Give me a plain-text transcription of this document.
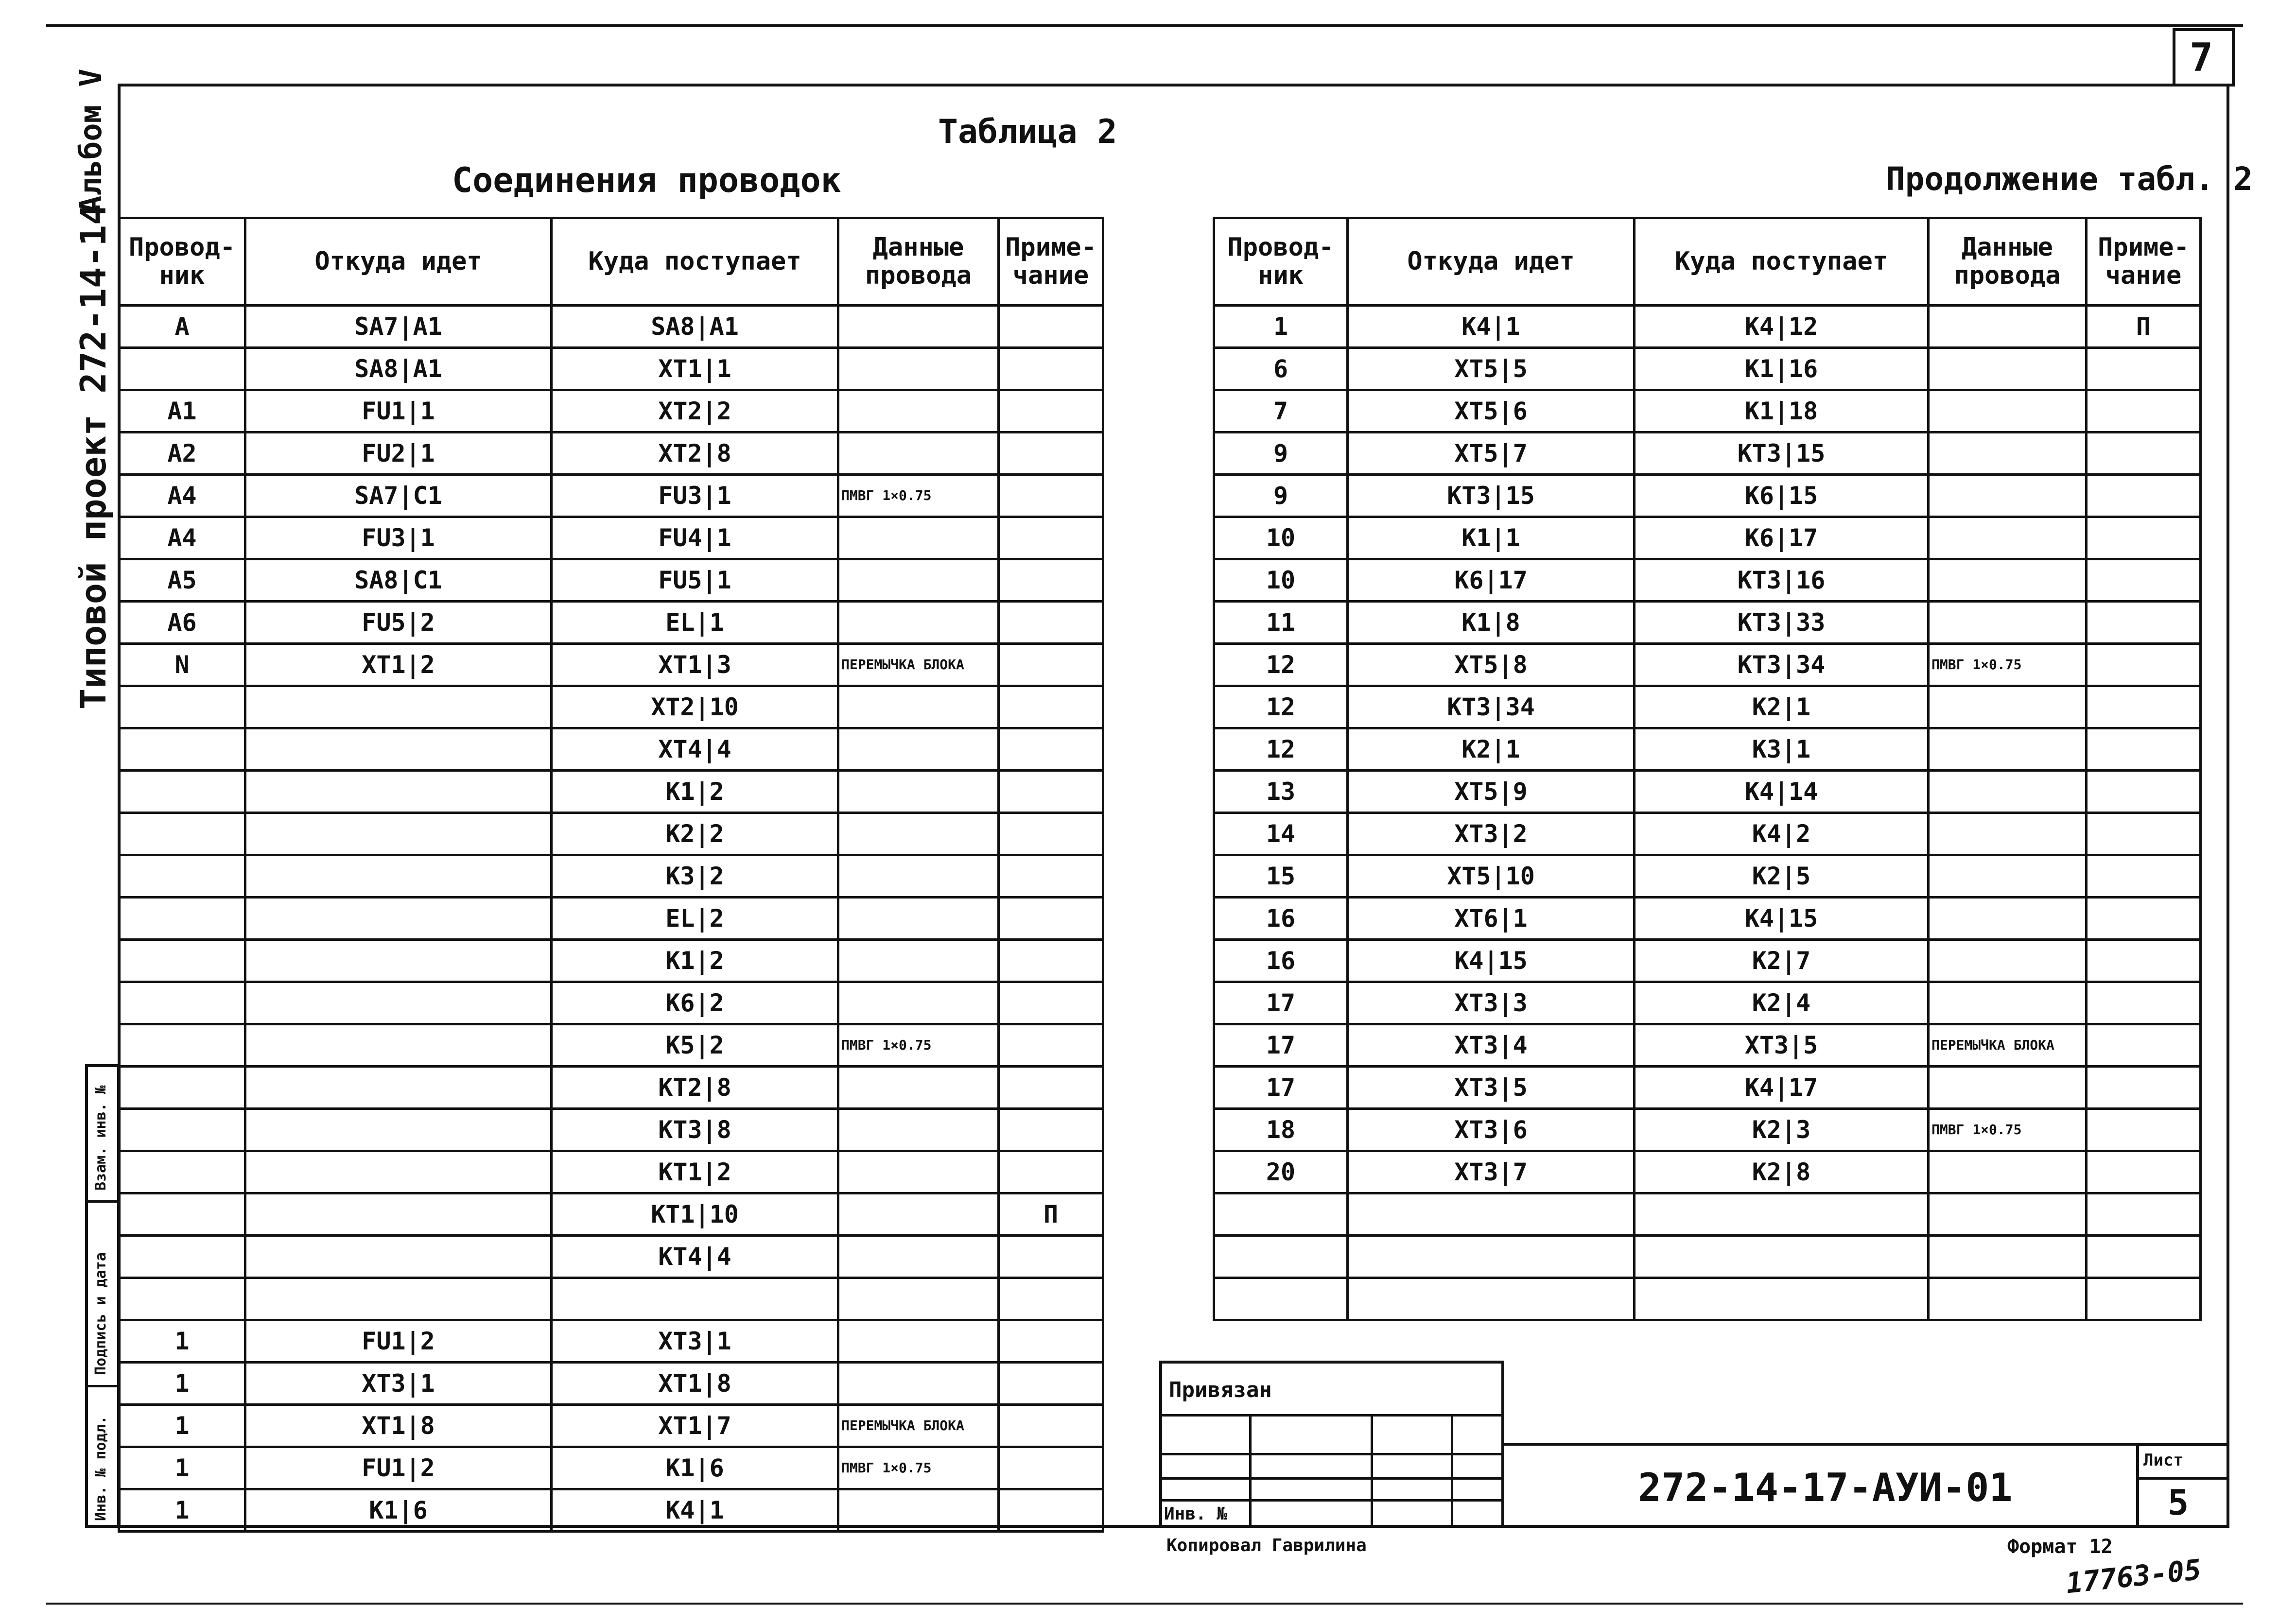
7
Альбом V
Типовой проект 272-14-14
Инв. № подл.
Подпись и дата
Взам. инв. №
Таблица 2
Соединения проводок	Продолжение табл. 2
Провод-ник	Откуда идет	Куда поступает	Данные провода	Приме-чание
А	SA7|A1	SA8|A1		
	SA8|A1	XT1|1		
А1	FU1|1	XT2|2		
А2	FU2|1	XT2|8		
А4	SA7|C1	FU3|1	ПМВГ 1×0.75	
А4	FU3|1	FU4|1		
А5	SA8|C1	FU5|1		
А6	FU5|2	EL|1		
N	XT1|2	XT1|3	ПЕРЕМЫЧКА БЛОКА	
		XT2|10		
		XT4|4		
		K1|2		
		K2|2		
		K3|2		
		EL|2		
		K1|2		
		K6|2		
		K5|2	ПМВГ 1×0.75	
		KT2|8		
		KT3|8		
		KT1|2		
		KT1|10		П
		KT4|4		

1	FU1|2	XT3|1		
1	XT3|1	XT1|8		
1	XT1|8	XT1|7	ПЕРЕМЫЧКА БЛОКА	
1	FU1|2	K1|6	ПМВГ 1×0.75	
1	K1|6	K4|1		
Провод-ник	Откуда идет	Куда поступает	Данные провода	Приме-чание
1	K4|1	K4|12		П
6	XT5|5	K1|16		
7	XT5|6	K1|18		
9	XT5|7	KT3|15		
9	KT3|15	K6|15		
10	K1|1	K6|17		
10	K6|17	KT3|16		
11	K1|8	KT3|33		
12	XT5|8	KT3|34	ПМВГ 1×0.75	
12	KT3|34	K2|1		
12	K2|1	K3|1		
13	XT5|9	K4|14		
14	XT3|2	K4|2		
15	XT5|10	K2|5		
16	XT6|1	K4|15		
16	K4|15	K2|7		
17	XT3|3	K2|4		
17	XT3|4	XT3|5	ПЕРЕМЫЧКА БЛОКА	
17	XT3|5	K4|17		
18	XT3|6	K2|3	ПМВГ 1×0.75	
20	XT3|7	K2|8		

Привязан
Инв. №
272-14-17-АУИ-01
Лист
5
Копировал Гаврилина	Формат 12
17763-05
